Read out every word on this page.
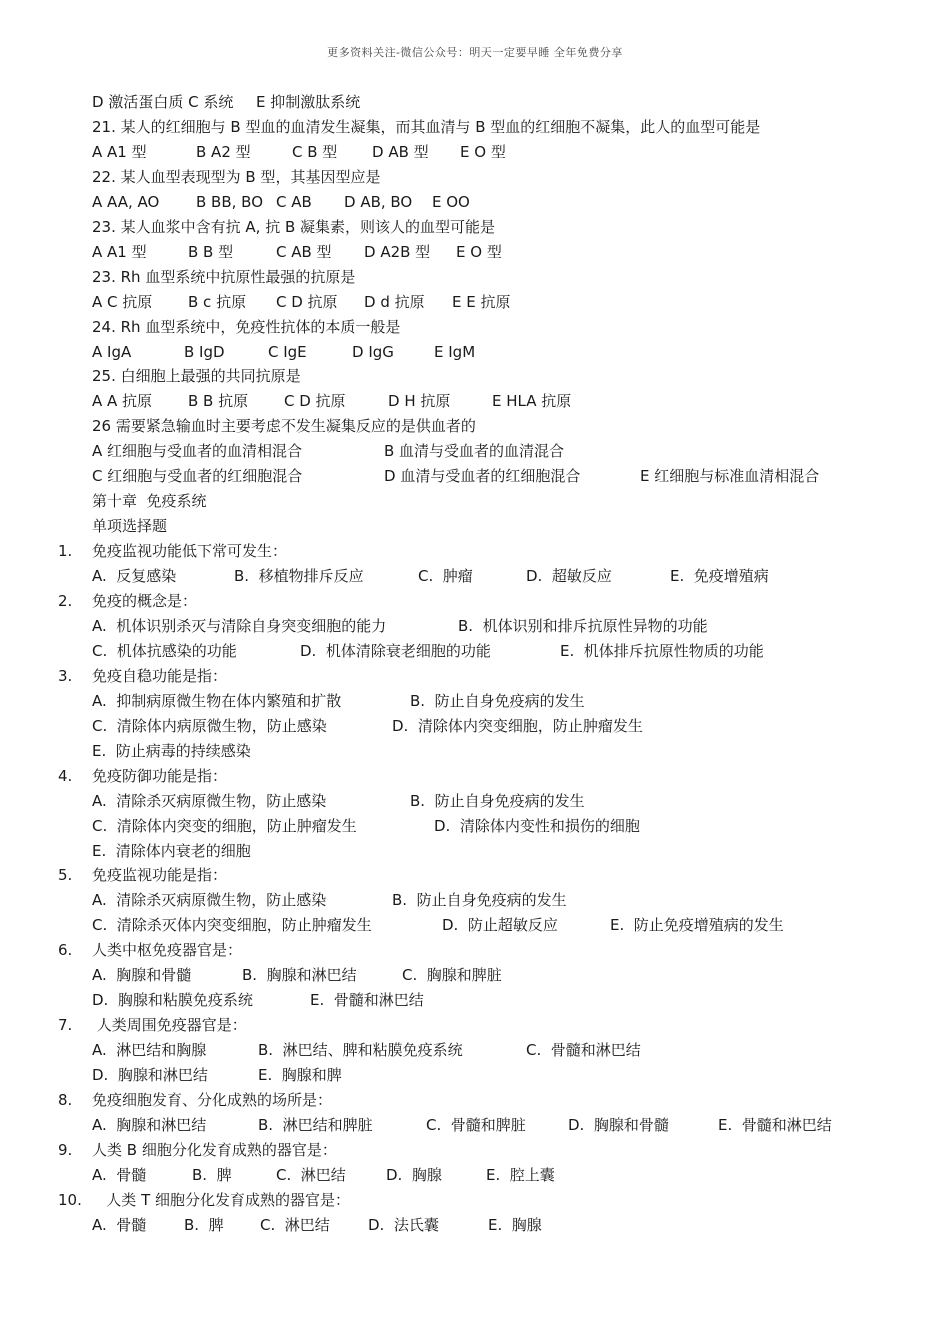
更多资料关注-微信公众号：明天一定要早睡 全年免费分享
D 激活蛋白质 C 系统 E 抑制激肽系统
21. 某人的红细胞与 B 型血的血清发生凝集，而其血清与 B 型血的红细胞不凝集，此人的血型可能是
A A1 型	B A2 型	C B 型 D AB 型 E O 型
22. 某人血型表现型为 B 型，其基因型应是
A AA, AO B BB, BO C AB D AB, BO E OO
23. 某人血浆中含有抗 A, 抗 B 凝集素，则该人的血型可能是
A A1 型	B B 型	C AB 型 D A2B 型 E O 型
23. Rh 血型系统中抗原性最强的抗原是
A C 抗原 B c 抗原 C D 抗原 D d 抗原 E E 抗原
24. Rh 血型系统中，免疫性抗体的本质一般是
A IgA	B IgD	C IgE	D IgG	E IgM
25. 白细胞上最强的共同抗原是
A A 抗原 B B 抗原 C D 抗原	D H 抗原	E HLA 抗原
26 需要紧急输血时主要考虑不发生凝集反应的是供血者的
A 红细胞与受血者的血清相混合	B 血清与受血者的血清混合
C 红细胞与受血者的红细胞混合	D 血清与受血者的红细胞混合	E 红细胞与标准血清相混合
第十章  免疫系统
单项选择题
1. 免疫监视功能低下常可发生：
A.  反复感染	B.  移植物排斥反应	C.  肿瘤	D.  超敏反应	E.  免疫增殖病
2. 免疫的概念是：
A.  机体识别杀灭与清除自身突变细胞的能力	B.  机体识别和排斥抗原性异物的功能
C.  机体抗感染的功能	D.  机体清除衰老细胞的功能	E.  机体排斥抗原性物质的功能
3. 免疫自稳功能是指：
A.  抑制病原微生物在体内繁殖和扩散	B.  防止自身免疫病的发生
C.  清除体内病原微生物，防止感染	D.  清除体内突变细胞，防止肿瘤发生
E.  防止病毒的持续感染
4. 免疫防御功能是指：
A.  清除杀灭病原微生物，防止感染	B.  防止自身免疫病的发生
C.  清除体内突变的细胞，防止肿瘤发生	D.  清除体内变性和损伤的细胞
E.  清除体内衰老的细胞
5. 免疫监视功能是指：
A.  清除杀灭病原微生物，防止感染	B.  防止自身免疫病的发生
C.  清除杀灭体内突变细胞，防止肿瘤发生	D.  防止超敏反应	E.  防止免疫增殖病的发生
6. 人类中枢免疫器官是：
A.  胸腺和骨髓	B.  胸腺和淋巴结	C.  胸腺和脾脏
D.  胸腺和粘膜免疫系统	E.  骨髓和淋巴结
7. 人类周围免疫器官是：
A.  淋巴结和胸腺	B.  淋巴结、脾和粘膜免疫系统	C.  骨髓和淋巴结
D.  胸腺和淋巴结	E.  胸腺和脾
8. 免疫细胞发育、分化成熟的场所是：
A.  胸腺和淋巴结	B.  淋巴结和脾脏	C.  骨髓和脾脏	D.  胸腺和骨髓	E.  骨髓和淋巴结
9. 人类 B 细胞分化发育成熟的器官是：
A.  骨髓	B.  脾	C.  淋巴结	D.  胸腺	E.  腔上囊
10. 人类 T 细胞分化发育成熟的器官是：
A.  骨髓	B.  脾 C.  淋巴结	D.  法氏囊	E.  胸腺
